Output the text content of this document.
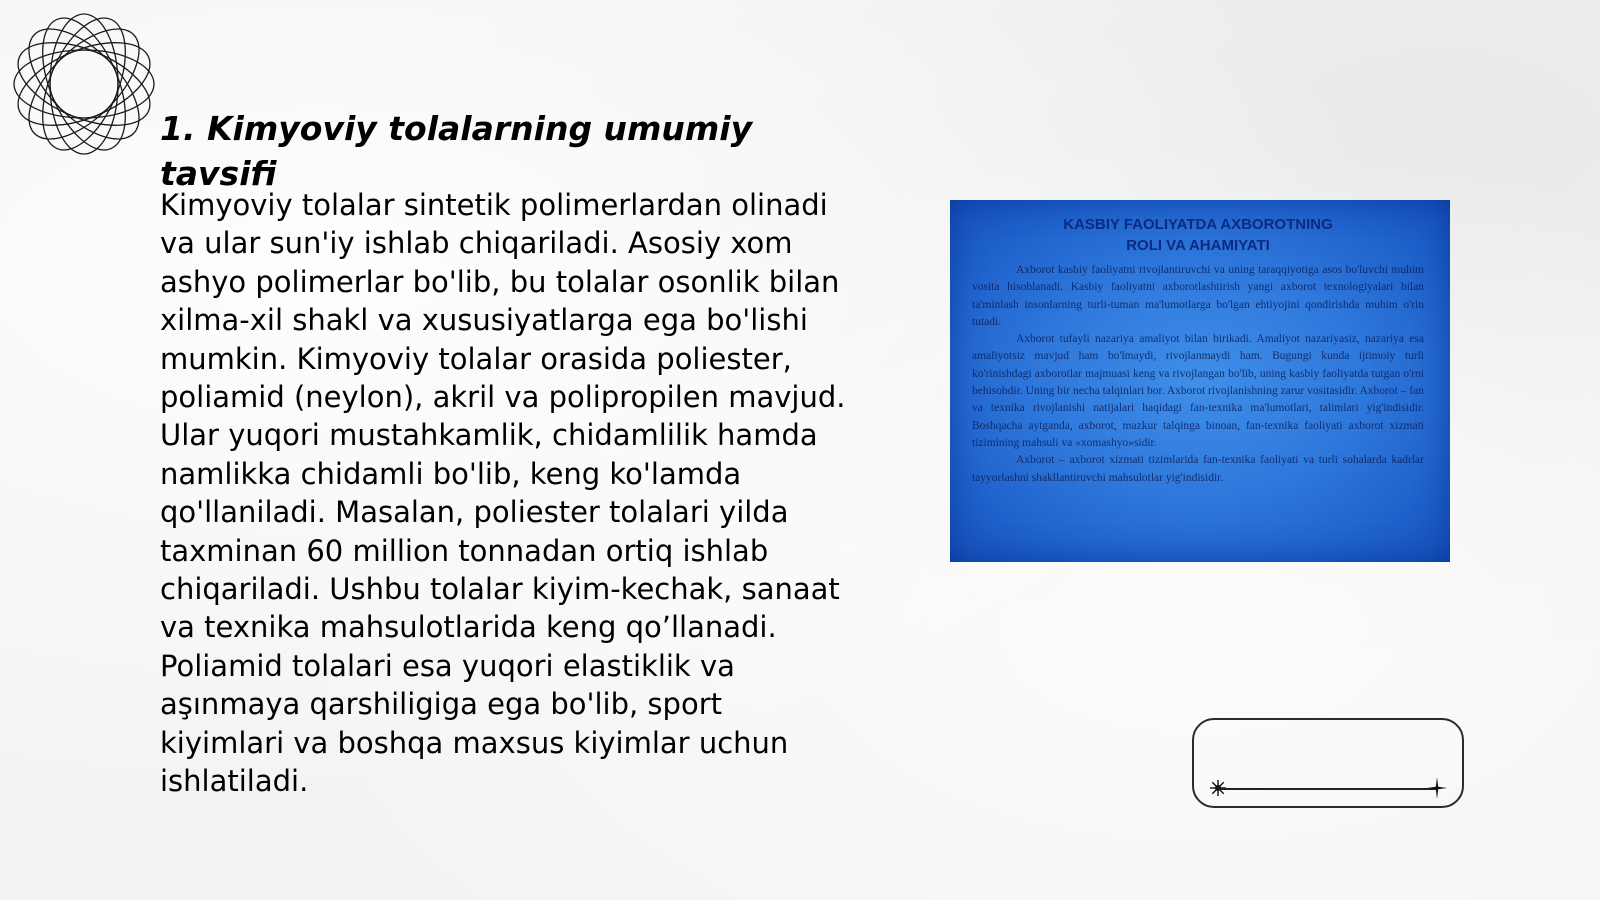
1. Kimyoviy tolalarning umumiy tavsifi

Kimyoviy tolalar sintetik polimerlardan olinadi va ular sun'iy ishlab chiqariladi. Asosiy xom ashyo polimerlar bo'lib, bu tolalar osonlik bilan xilma-xil shakl va xususiyatlarga ega bo'lishi mumkin. Kimyoviy tolalar orasida poliester, poliamid (neylon), akril va polipropilen mavjud. Ular yuqori mustahkamlik, chidamlilik hamda namlikka chidamli bo'lib, keng ko'lamda qo'llaniladi. Masalan, poliester tolalari yilda taxminan 60 million tonnadan ortiq ishlab chiqariladi. Ushbu tolalar kiyim-kechak, sanaat va texnika mahsulotlarida keng qo’llanadi. Poliamid tolalari esa yuqori elastiklik va aşınmaya qarshiligiga ega bo'lib, sport kiyimlari va boshqa maxsus kiyimlar uchun ishlatiladi.

KASBIY FAOLIYATDA AXBOROTNING
ROLI VA AHAMIYATI

Axborot kasbiy faoliyatni rivojlantiruvchi va uning taraqqiyotiga asos bo'luvchi muhim vosita hisoblanadi. Kasbiy faoliyatni axborotlashtirish yangi axborot texnologiyalari bilan ta'minlash insonlarning turli-tuman ma'lumotlarga bo'lgan ehtiyojini qondirishda muhim o'rin tutadi.

Axborot tufayli nazariya amaliyot bilan birikadi. Amaliyot nazariyasiz, nazariya esa amaliyotsiz mavjud ham bo'lmaydi, rivojlanmaydi ham. Bugungi kunda ijtimoiy turli ko'rinishdagi axborotlar majmuasi keng va rivojlangan bo'lib, uning kasbiy faoliyatda tutgan o'rni behisobdir. Uning bir necha talqinlari bor. Axborot rivojlanishning zarur vositasidir. Axborot – fan va texnika rivojlanishi natijalari haqidagi fan-texnika ma'lumotlari, talimlari yig'indisidir. Boshqacha aytganda, axborot, mazkur talqinga binoan, fan-texnika faoliyati axborot xizmati tizimining mahsuli va «xomashyo»sidir.

Axborot – axborot xizmati tizimlarida fan-texnika faoliyati va turli sohalarda kadrlar tayyorlashni shakllantiruvchi mahsulotlar yig'indisidir.
